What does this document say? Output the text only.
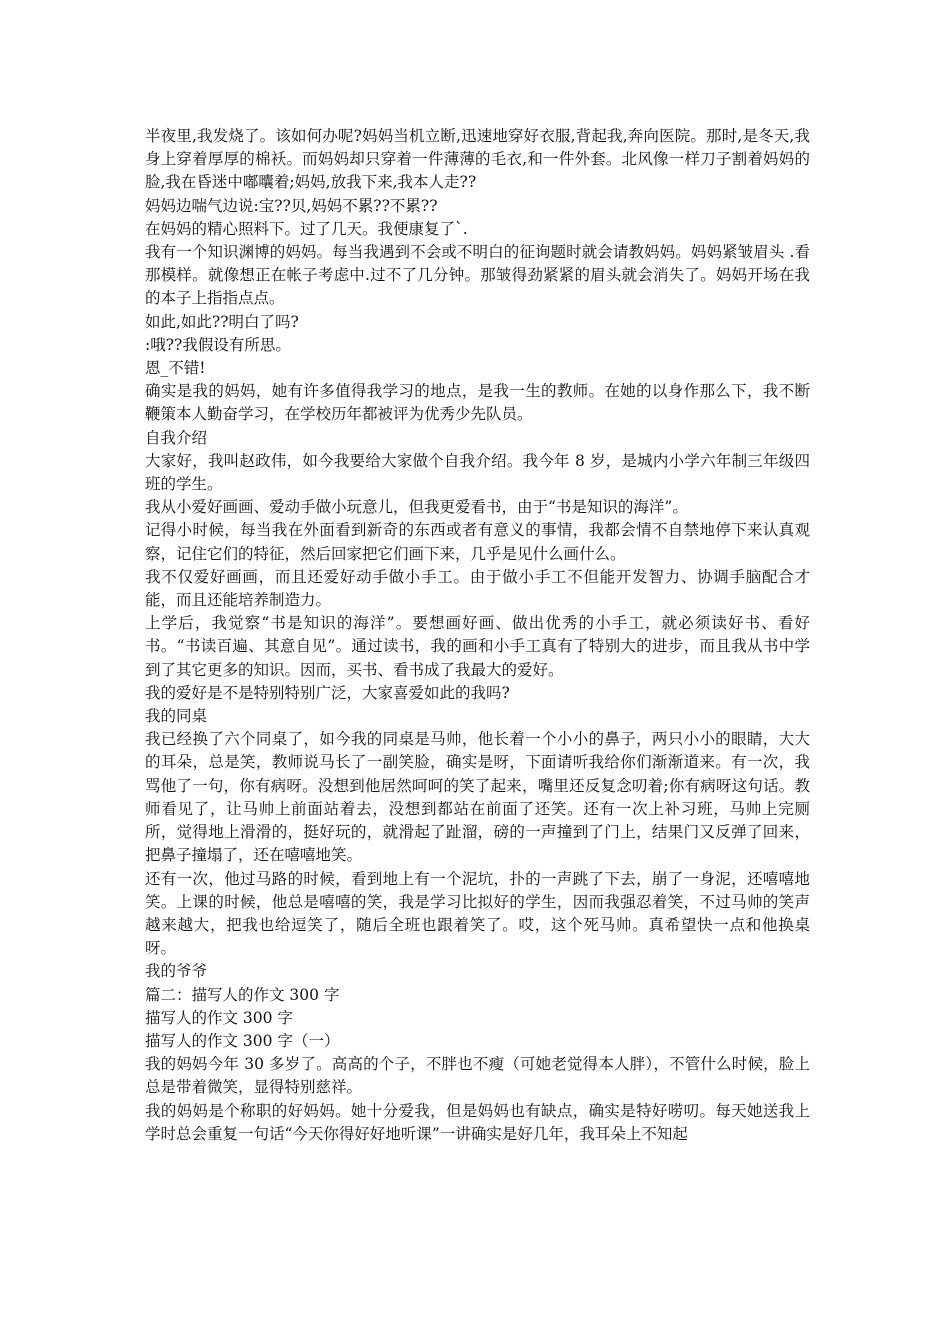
半夜里,我发烧了。该如何办呢?妈妈当机立断,迅速地穿好衣服,背起我,奔向医院。那时,是冬天,我身上穿着厚厚的棉袄。而妈妈却只穿着一件薄薄的毛衣,和一件外套。北风像一样刀子割着妈妈的脸,我在昏迷中嘟囔着;妈妈,放我下来,我本人走??

妈妈边喘气边说:宝??贝,妈妈不累??不累??

在妈妈的精心照料下。过了几天。我便康复了`.

我有一个知识渊博的妈妈。每当我遇到不会或不明白的征询题时就会请教妈妈。妈妈紧皱眉头 .看那模样。就像想正在帐子考虑中.过不了几分钟。那皱得劲紧紧的眉头就会消失了。妈妈开场在我的本子上指指点点。

如此,如此??明白了吗?

:哦??我假设有所思。

恩_不错!

确实是我的妈妈，她有许多值得我学习的地点，是我一生的教师。在她的以身作那么下，我不断鞭策本人勤奋学习，在学校历年都被评为优秀少先队员。

自我介绍

大家好，我叫赵政伟，如今我要给大家做个自我介绍。我今年 8 岁，是城内小学六年制三年级四班的学生。

我从小爱好画画、爱动手做小玩意儿，但我更爱看书，由于“书是知识的海洋”。

记得小时候，每当我在外面看到新奇的东西或者有意义的事情，我都会情不自禁地停下来认真观察，记住它们的特征，然后回家把它们画下来，几乎是见什么画什么。

我不仅爱好画画，而且还爱好动手做小手工。由于做小手工不但能开发智力、协调手脑配合才能，而且还能培养制造力。

上学后，我觉察“书是知识的海洋”。要想画好画、做出优秀的小手工，就必须读好书、看好书。“书读百遍、其意自见”。通过读书，我的画和小手工真有了特别大的进步，而且我从书中学到了其它更多的知识。因而，买书、看书成了我最大的爱好。

我的爱好是不是特别特别广泛，大家喜爱如此的我吗?

我的同桌

我已经换了六个同桌了，如今我的同桌是马帅，他长着一个小小的鼻子，两只小小的眼睛，大大的耳朵，总是笑，教师说马长了一副笑脸，确实是呀，下面请听我给你们渐渐道来。有一次，我骂他了一句，你有病呀。没想到他居然呵呵的笑了起来，嘴里还反复念叨着;你有病呀这句话。教师看见了，让马帅上前面站着去，没想到都站在前面了还笑。还有一次上补习班，马帅上完厕所，觉得地上滑滑的，挺好玩的，就滑起了趾溜，磅的一声撞到了门上，结果门又反弹了回来，把鼻子撞塌了，还在嘻嘻地笑。

还有一次，他过马路的时候，看到地上有一个泥坑，扑的一声跳了下去，崩了一身泥，还嘻嘻地笑。上课的时候，他总是嘻嘻的笑，我是学习比拟好的学生，因而我强忍着笑，不过马帅的笑声越来越大，把我也给逗笑了，随后全班也跟着笑了。哎，这个死马帅。真希望快一点和他换桌呀。

我的爷爷

篇二：描写人的作文 300 字

描写人的作文 300 字

描写人的作文 300 字（一）

我的妈妈今年 30 多岁了。高高的个子，不胖也不瘦（可她老觉得本人胖），不管什么时候，脸上总是带着微笑，显得特别慈祥。

我的妈妈是个称职的好妈妈。她十分爱我，但是妈妈也有缺点，确实是特好唠叨。每天她送我上学时总会重复一句话“今天你得好好地听课”一讲确实是好几年，我耳朵上不知起
